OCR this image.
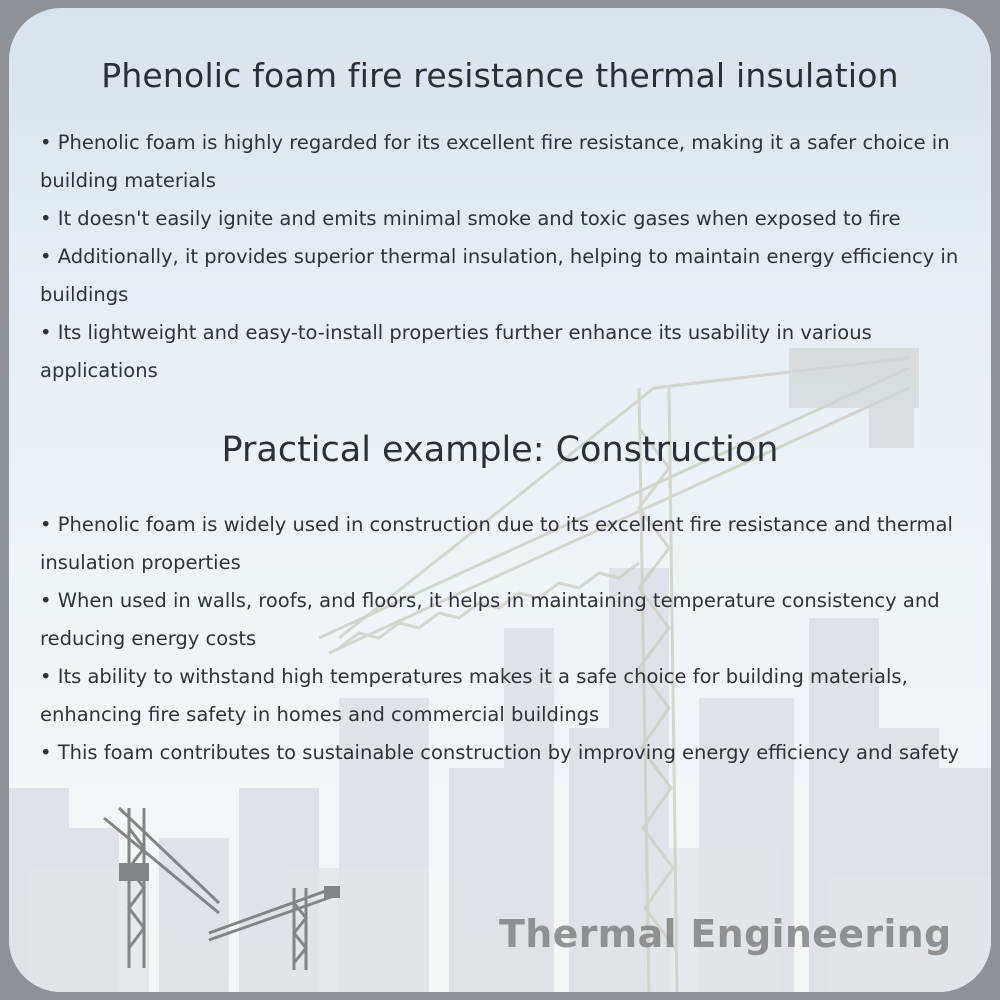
Phenolic foam fire resistance thermal insulation
• Phenolic foam is highly regarded for its excellent fire resistance, making it a safer choice in building materials
• It doesn't easily ignite and emits minimal smoke and toxic gases when exposed to fire
• Additionally, it provides superior thermal insulation, helping to maintain energy efficiency in buildings
• Its lightweight and easy-to-install properties further enhance its usability in various applications
Practical example: Construction
• Phenolic foam is widely used in construction due to its excellent fire resistance and thermal insulation properties
• When used in walls, roofs, and floors, it helps in maintaining temperature consistency and reducing energy costs
• Its ability to withstand high temperatures makes it a safe choice for building materials, enhancing fire safety in homes and commercial buildings
• This foam contributes to sustainable construction by improving energy efficiency and safety
Thermal Engineering
